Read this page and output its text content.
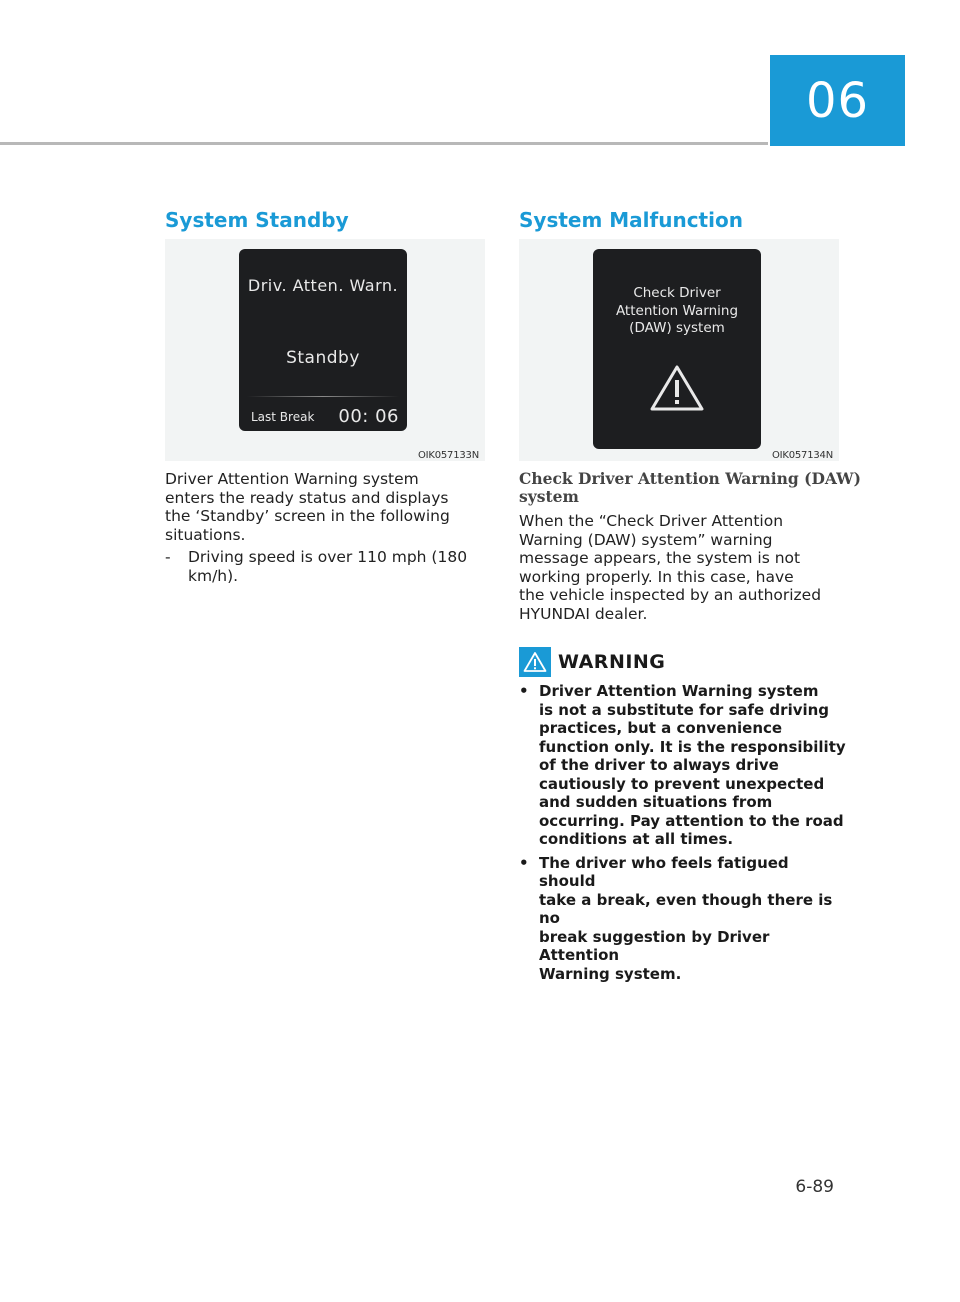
06
System Standby
Driv. Atten. Warn.
Standby
Last Break 00: 06
OIK057133N
Driver Attention Warning system
enters the ready status and displays
the ‘Standby’ screen in the following
situations.
- Driving speed is over 110 mph (180
km/h).
System Malfunction
Check Driver
Attention Warning
(DAW) system
OIK057134N
Check Driver Attention Warning (DAW)
system
When the “Check Driver Attention
Warning (DAW) system” warning
message appears, the system is not
working properly. In this case, have
the vehicle inspected by an authorized
HYUNDAI dealer.
WARNING
• Driver Attention Warning system
is not a substitute for safe driving
practices, but a convenience
function only. It is the responsibility
of the driver to always drive
cautiously to prevent unexpected
and sudden situations from
occurring. Pay attention to the road
conditions at all times.
• The driver who feels fatigued should
take a break, even though there is no
break suggestion by Driver Attention
Warning system.
6-89
